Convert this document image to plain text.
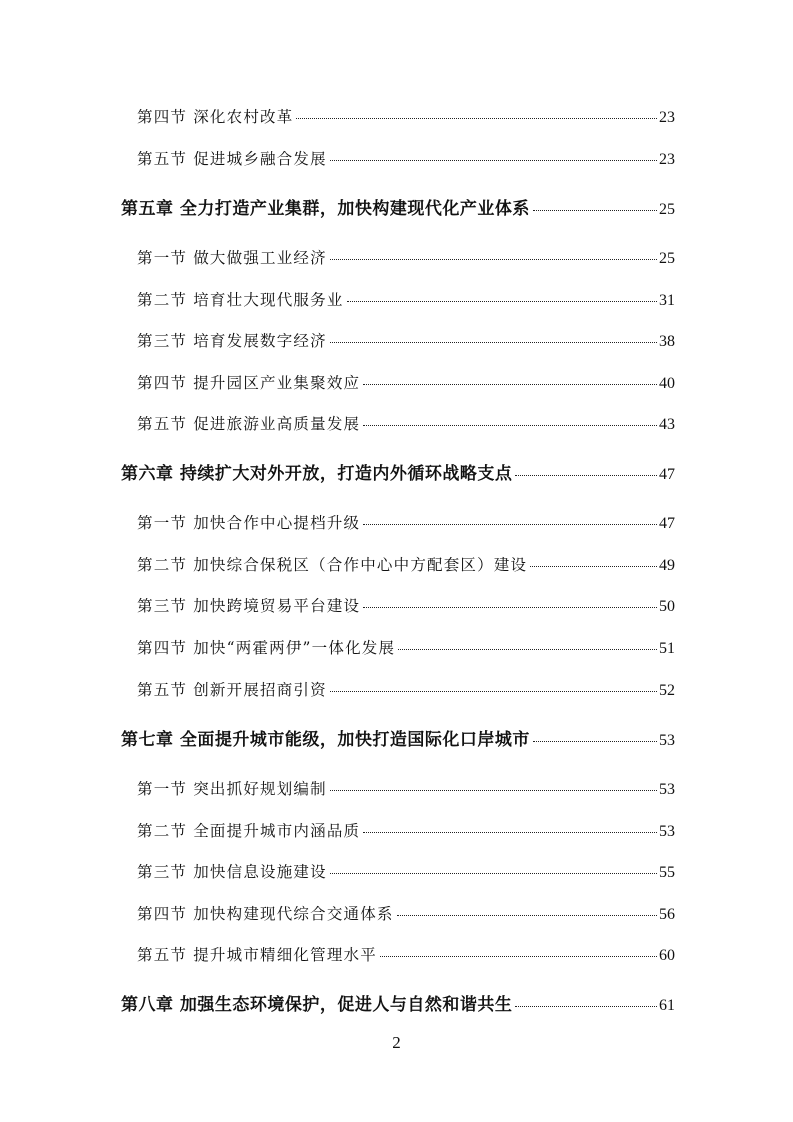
第四节 深化农村改革	23
第五节 促进城乡融合发展	23
第五章 全力打造产业集群，加快构建现代化产业体系	25
第一节 做大做强工业经济	25
第二节 培育壮大现代服务业	31
第三节 培育发展数字经济	38
第四节 提升园区产业集聚效应	40
第五节 促进旅游业高质量发展	43
第六章 持续扩大对外开放，打造内外循环战略支点	47
第一节 加快合作中心提档升级	47
第二节 加快综合保税区（合作中心中方配套区）建设	49
第三节 加快跨境贸易平台建设	50
第四节 加快“两霍两伊”一体化发展	51
第五节 创新开展招商引资	52
第七章 全面提升城市能级，加快打造国际化口岸城市	53
第一节 突出抓好规划编制	53
第二节 全面提升城市内涵品质	53
第三节 加快信息设施建设	55
第四节 加快构建现代综合交通体系	56
第五节 提升城市精细化管理水平	60
第八章 加强生态环境保护，促进人与自然和谐共生	61
2
